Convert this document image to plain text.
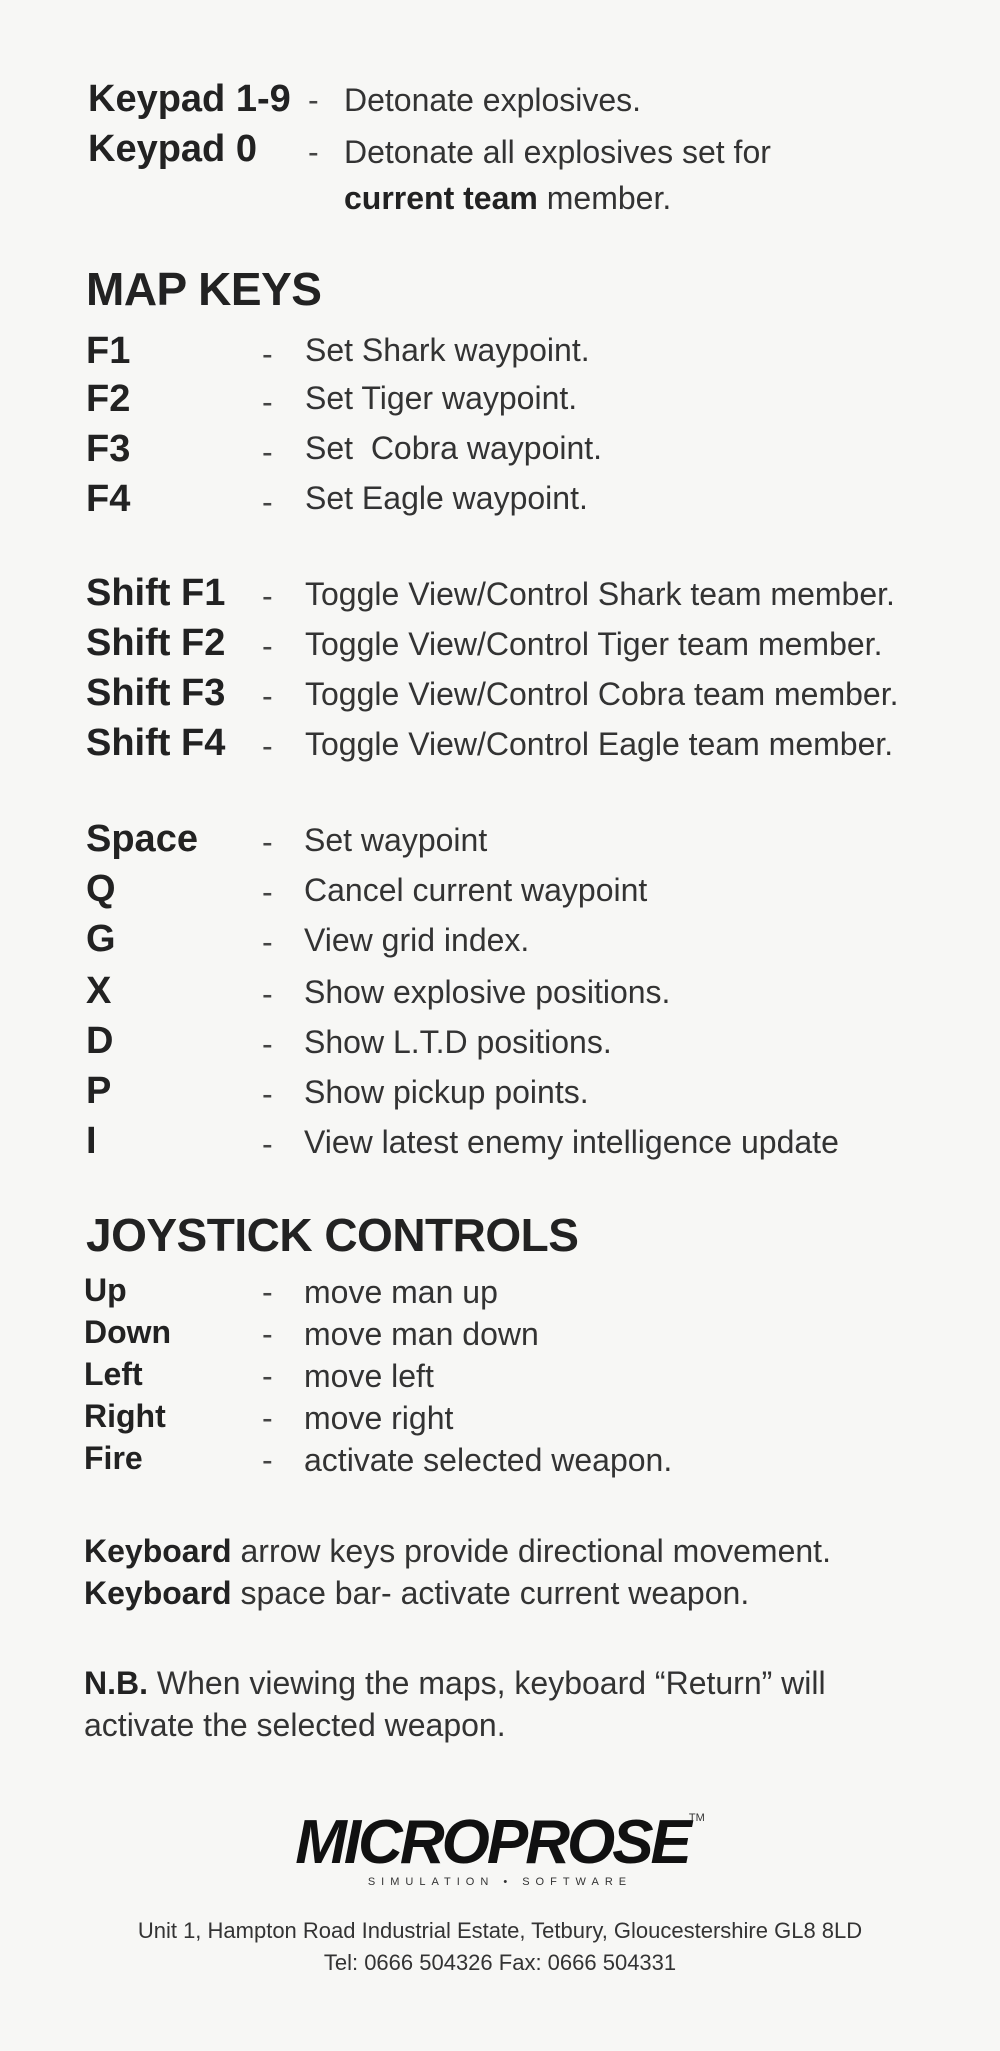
Keypad 1-9 - Detonate explosives.
Keypad 0 - Detonate all explosives set for
current team member.
MAP KEYS
F1	- Set Shark waypoint.
F2	- Set Tiger waypoint.
F3	- Set  Cobra waypoint.
F4	- Set Eagle waypoint.
Shift F1 - Toggle View/Control Shark team member.
Shift F2 - Toggle View/Control Tiger team member.
Shift F3 - Toggle View/Control Cobra team member.
Shift F4 - Toggle View/Control Eagle team member.
Space - Set waypoint
Q	- Cancel current waypoint
G	- View grid index.
X	- Show explosive positions.
D	- Show L.T.D positions.
P	- Show pickup points.
I	- View latest enemy intelligence update
JOYSTICK CONTROLS
Up	- move man up
Down	- move man down
Left	- move left
Right	- move right
Fire	- activate selected weapon.
Keyboard arrow keys provide directional movement.
Keyboard space bar- activate current weapon.
N.B. When viewing the maps, keyboard “Return” will
activate the selected weapon.
MICROPROSE™
SIMULATION • SOFTWARE
Unit 1, Hampton Road Industrial Estate, Tetbury, Gloucestershire GL8 8LD
Tel: 0666 504326 Fax: 0666 504331
